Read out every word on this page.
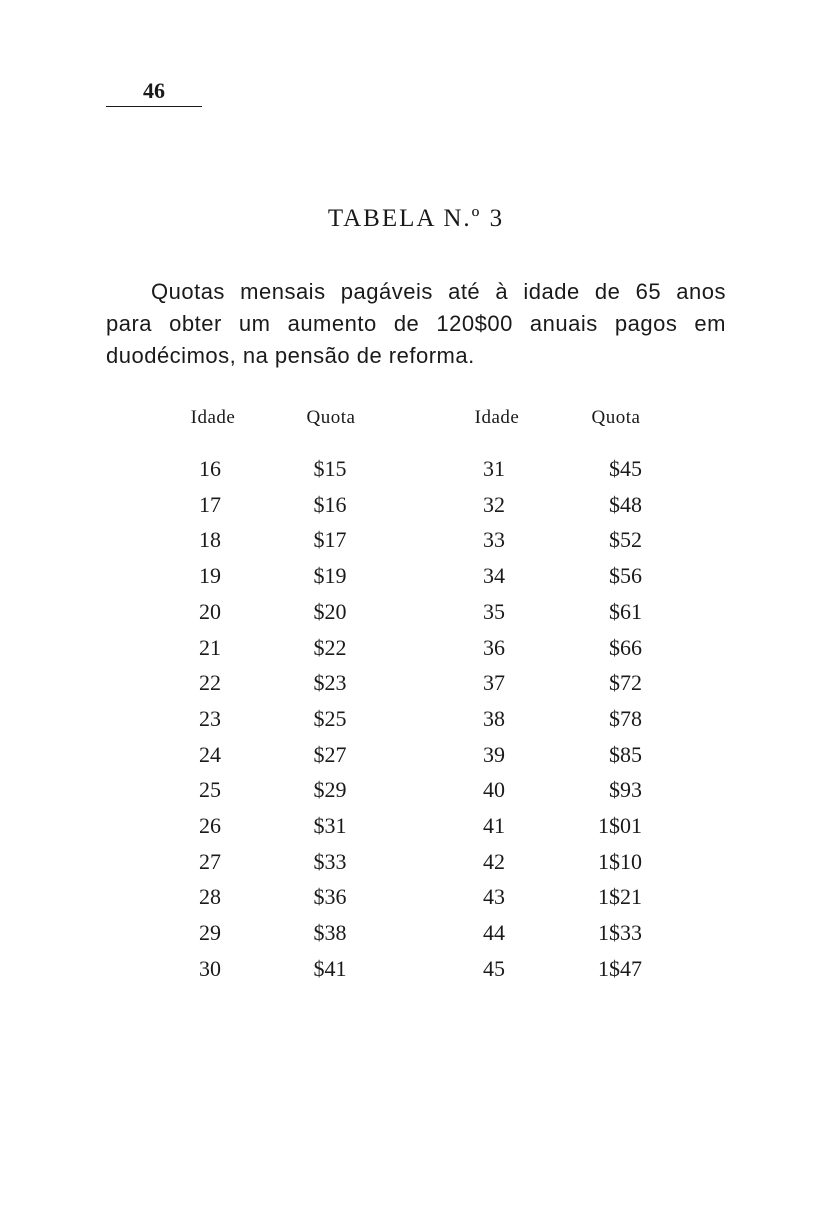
46
TABELA N.º 3
Quotas mensais pagáveis até à idade de 65 anos
para obter um aumento de 120$00 anuais pagos em
duodécimos, na pensão de reforma.
Idade	Quota	Idade	Quota
16	$15	31	$45
17	$16	32	$48
18	$17	33	$52
19	$19	34	$56
20	$20	35	$61
21	$22	36	$66
22	$23	37	$72
23	$25	38	$78
24	$27	39	$85
25	$29	40	$93
26	$31	41	1$01
27	$33	42	1$10
28	$36	43	1$21
29	$38	44	1$33
30	$41	45	1$47
